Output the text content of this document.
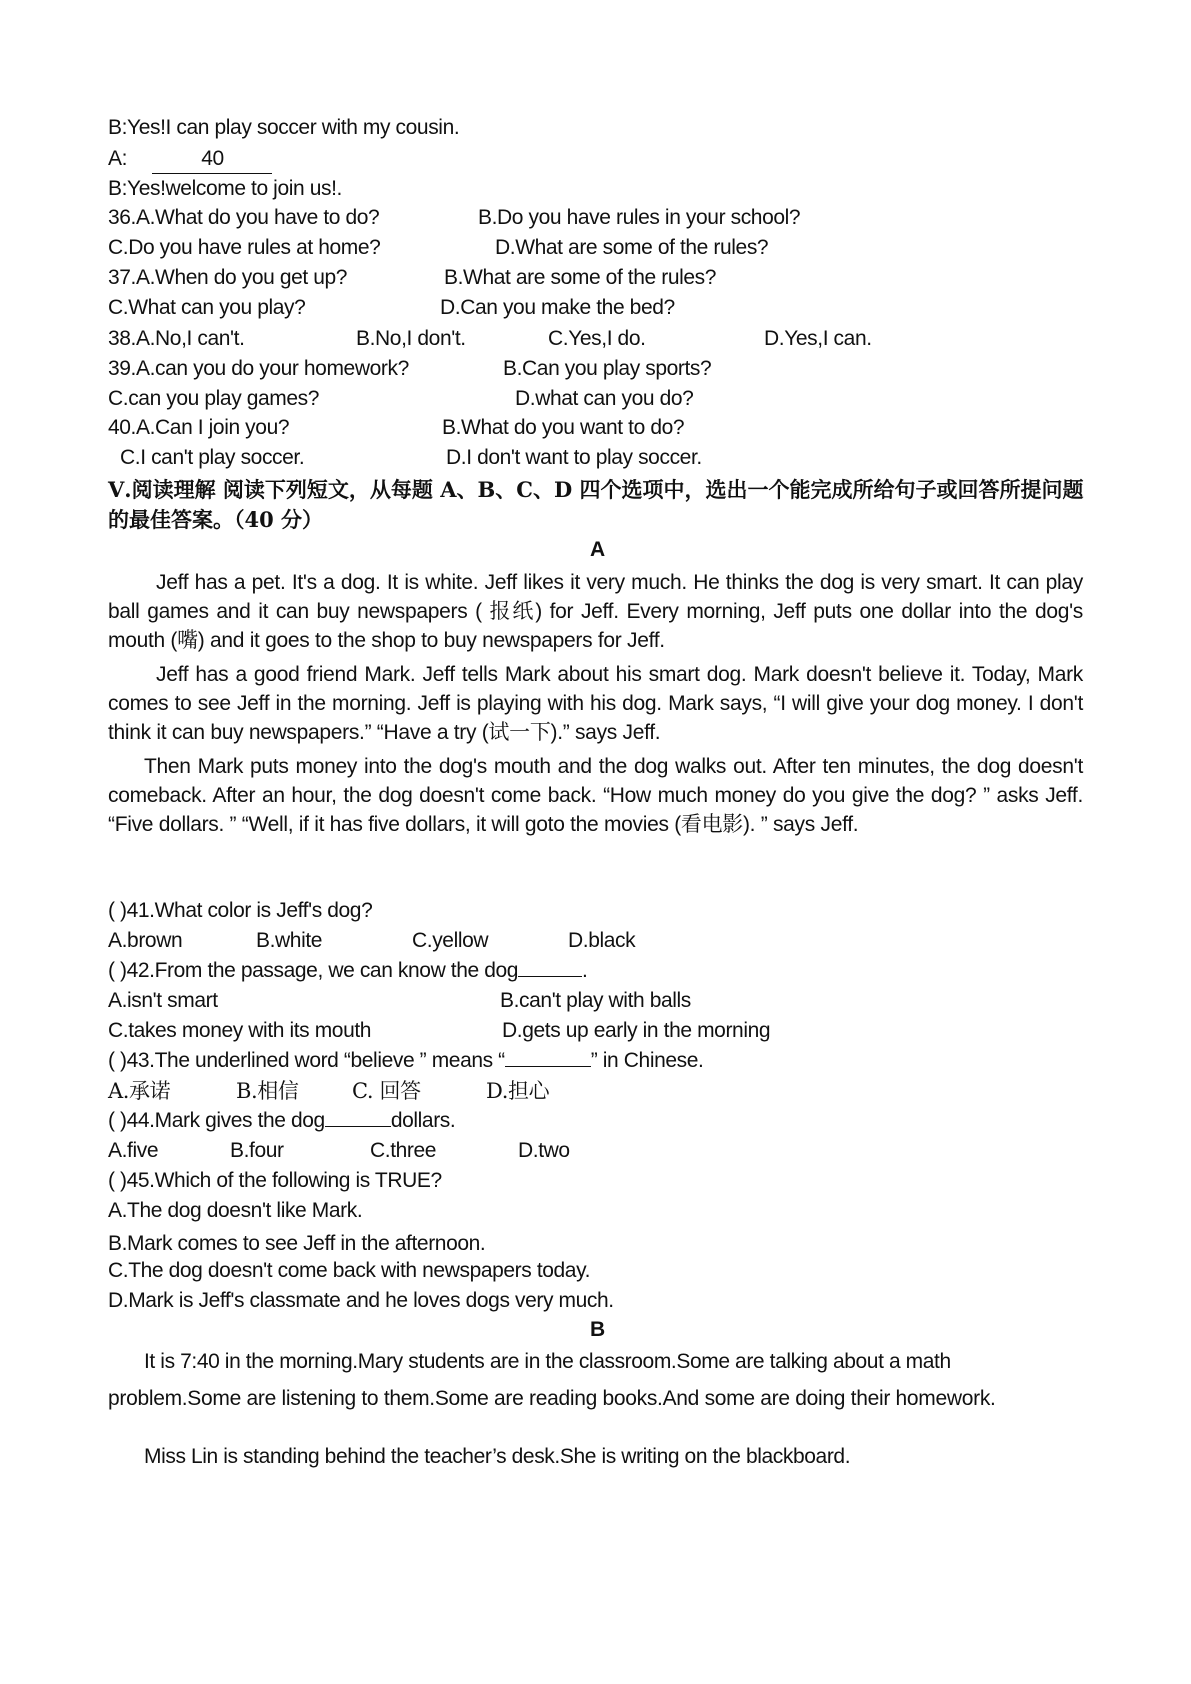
B:Yes!I can play soccer with my cousin.
A:	40
B:Yes!welcome to join us!.
36.A.What do you have to do?	B.Do you have rules in your school?
C.Do you have rules at home?	D.What are some of the rules?
37.A.When do you get up?	B.What are some of the rules?
C.What can you play?	D.Can you make the bed?
38.A.No,I can't.	B.No,I don't.	C.Yes,I do.	D.Yes,I can.
39.A.can you do your homework?	B.Can you play sports?
C.can you play games?	D.what can you do?
40.A.Can I join you?	B.What do you want to do?
C.I can't play soccer.	D.I don't want to play soccer.
Ⅴ.阅读理解 阅读下列短文，从每题 A、B、C、D 四个选项中，选出一个能完成所给句子或回答所提问题的最佳答案。（40 分）
A
Jeff has a pet. It's a dog. It is white. Jeff likes it very much. He thinks the dog is very smart. It can play ball games and it can buy newspapers ( 报纸) for Jeff. Every morning, Jeff puts one dollar into the dog's mouth (嘴) and it goes to the shop to buy newspapers for Jeff.
Jeff has a good friend Mark. Jeff tells Mark about his smart dog. Mark doesn't believe it. Today, Mark comes to see Jeff in the morning. Jeff is playing with his dog. Mark says, “I will give your dog money. I don't think it can buy newspapers.” “Have a try (试一下).” says Jeff.
Then Mark puts money into the dog's mouth and the dog walks out. After ten minutes, the dog doesn't comeback. After an hour, the dog doesn't come back. “How much money do you give the dog? ” asks Jeff. “Five dollars. ” “Well, if it has five dollars, it will goto the movies (看电影). ” says Jeff.
( )41.What color is Jeff's dog?
A.brown	B.white	C.yellow	D.black
( )42.From the passage, we can know the dog	.
A.isn't smart	B.can't play with balls
C.takes money with its mouth	D.gets up early in the morning
( )43.The underlined word “believe ” means “	” in Chinese.
A.承诺	B.相信	C. 回答	D.担心
( )44.Mark gives the dog	dollars.
A.five	B.four	C.three	D.two
( )45.Which of the following is TRUE?
A.The dog doesn't like Mark.
B.Mark comes to see Jeff in the afternoon.
C.The dog doesn't come back with newspapers today.
D.Mark is Jeff's classmate and he loves dogs very much.
B
It is 7:40 in the morning.Mary students are in the classroom.Some are talking about a math
problem.Some are listening to them.Some are reading books.And some are doing their homework.
Miss Lin is standing behind the teacher’s desk.She is writing on the blackboard.
